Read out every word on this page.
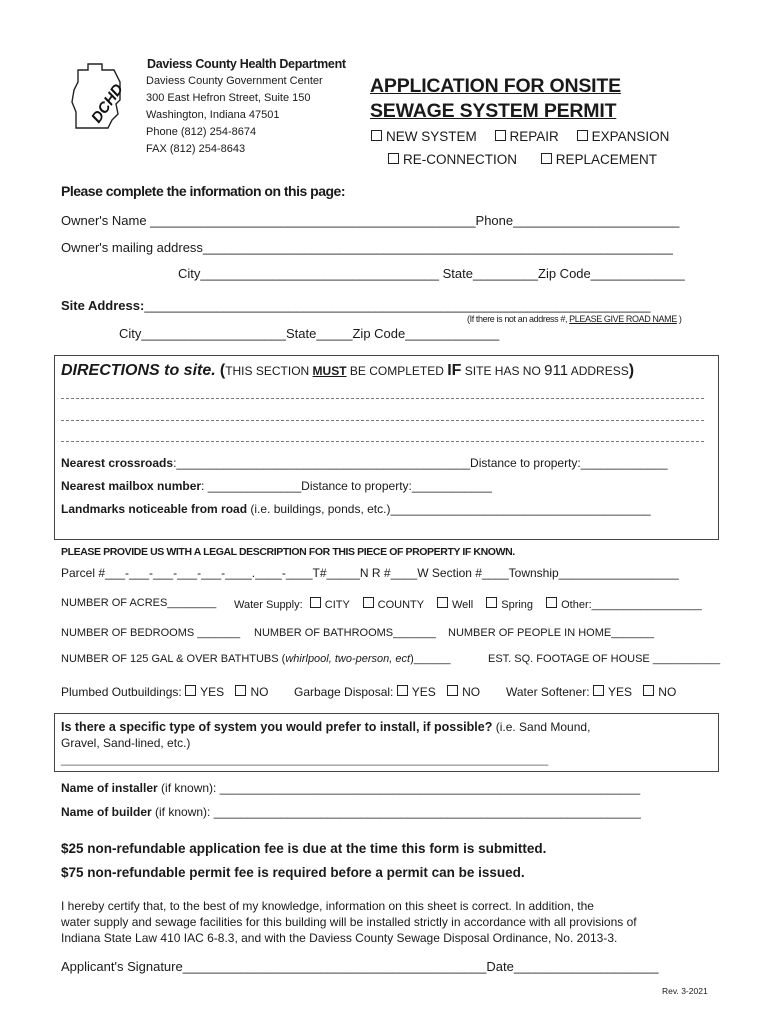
DCHD
Daviess County Health Department
Daviess County Government Center
300 East Hefron Street, Suite 150
Washington, Indiana 47501
Phone (812) 254-8674
FAX (812) 254-8643
APPLICATION FOR ONSITE
SEWAGE SYSTEM PERMIT
NEW SYSTEM REPAIR EXPANSION
RE-CONNECTION	REPLACEMENT
Please complete the information on this page:
Owner's Name _____________________________________________Phone_______________________
Owner's mailing address_________________________________________________________________
City_________________________________ State_________Zip Code_____________
Site Address:______________________________________________________________________
(If there is not an address #, PLEASE GIVE ROAD NAME )
City____________________State_____Zip Code_____________
DIRECTIONS to site. (THIS SECTION MUST BE COMPLETED IF SITE HAS NO 911 ADDRESS)
Nearest crossroads:____________________________________________Distance to property:_____________
Nearest mailbox number: ______________Distance to property:____________
Landmarks noticeable from road (i.e. buildings, ponds, etc.)_______________________________________
PLEASE PROVIDE US WITH A LEGAL DESCRIPTION FOR THIS PIECE OF PROPERTY IF KNOWN.
Parcel #___-___-___-___-___-____.____-____T#_____N R #____W Section #____Township__________________
NUMBER OF ACRES________ Water Supply: CITY	COUNTY	Well	Spring	Other:__________________
NUMBER OF BEDROOMS _______ NUMBER OF BATHROOMS_______ NUMBER OF PEOPLE IN HOME_______
NUMBER OF 125 GAL & OVER BATHTUBS (whirlpool, two-person, ect)______	EST. SQ. FOOTAGE OF HOUSE ___________
Plumbed Outbuildings: YES NO Garbage Disposal: YES NO Water Softener: YES NO
Is there a specific type of system you would prefer to install, if possible? (i.e. Sand Mound,
Gravel, Sand-lined, etc.)
_________________________________________________________________________
Name of installer (if known): _______________________________________________________________
Name of builder (if known): ________________________________________________________________
$25 non-refundable application fee is due at the time this form is submitted.
$75 non-refundable permit fee is required before a permit can be issued.
I hereby certify that, to the best of my knowledge, information on this sheet is correct. In addition, the
water supply and sewage facilities for this building will be installed strictly in accordance with all provisions of
Indiana State Law 410 IAC 6-8.3, and with the Daviess County Sewage Disposal Ordinance, No. 2013-3.
Applicant's Signature__________________________________________Date____________________
Rev. 3-2021
